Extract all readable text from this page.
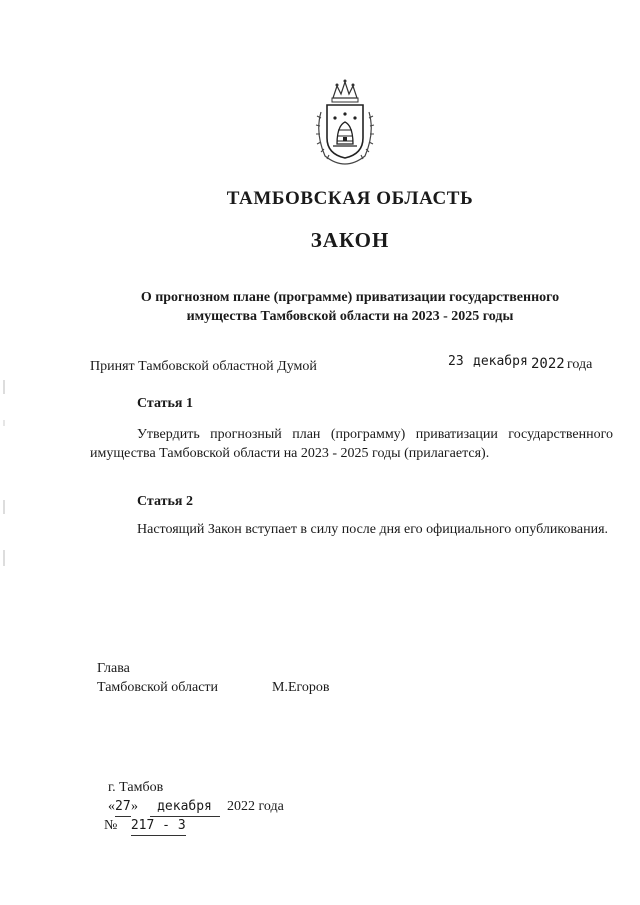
ТАМБОВСКАЯ ОБЛАСТЬ
ЗАКОН
О прогнозном плане (программе) приватизации государственного
имущества Тамбовской области на 2023 - 2025 годы
Принят Тамбовской областной Думой	23 декабря 2022 года
Статья 1
Утвердить прогнозный план (программу) приватизации государственного имущества Тамбовской области на 2023 - 2025 годы (прилагается).
Статья 2
Настоящий Закон вступает в силу после дня его официального опубликования.
Глава
Тамбовской области	М.Егоров
г. Тамбов
«27» декабря 2022 года
№ 217 - З
